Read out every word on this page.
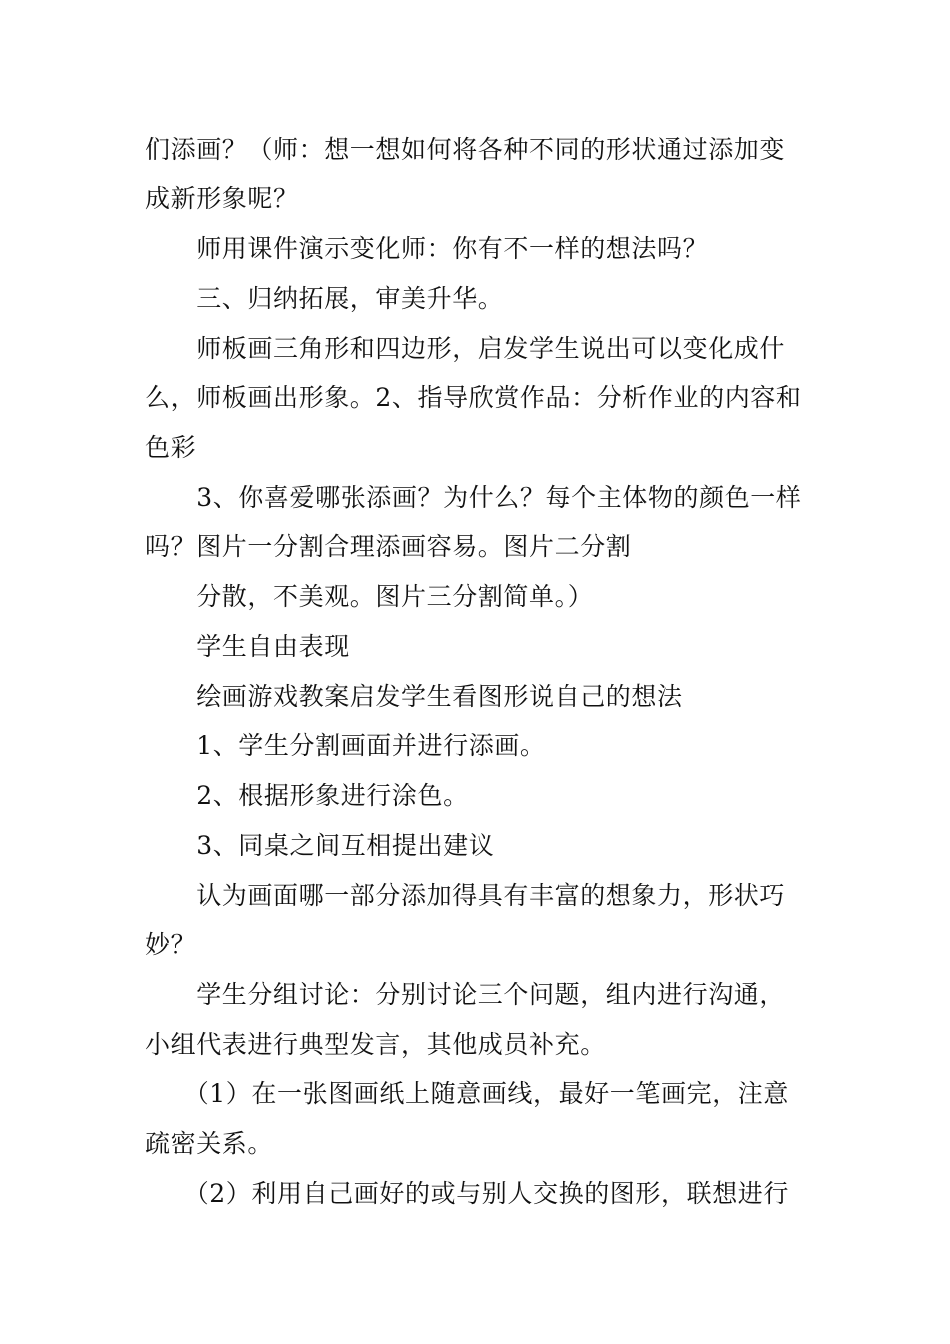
们添画？（师：想一想如何将各种不同的形状通过添加变
成新形象呢？
　　师用课件演示变化师：你有不一样的想法吗？
　　三、归纳拓展，审美升华。
　　师板画三角形和四边形，启发学生说出可以变化成什
么，师板画出形象。2、指导欣赏作品：分析作业的内容和
色彩
　　3、你喜爱哪张添画？为什么？每个主体物的颜色一样
吗？图片一分割合理添画容易。图片二分割
　　分散，不美观。图片三分割简单。）
　　学生自由表现
　　绘画游戏教案启发学生看图形说自己的想法
　　1、学生分割画面并进行添画。
　　2、根据形象进行涂色。
　　3、同桌之间互相提出建议
　　认为画面哪一部分添加得具有丰富的想象力，形状巧
妙？
　　学生分组讨论：分别讨论三个问题，组内进行沟通，
小组代表进行典型发言，其他成员补充。
　　（1）在一张图画纸上随意画线，最好一笔画完，注意
疏密关系。
　　（2）利用自己画好的或与别人交换的图形，联想进行
